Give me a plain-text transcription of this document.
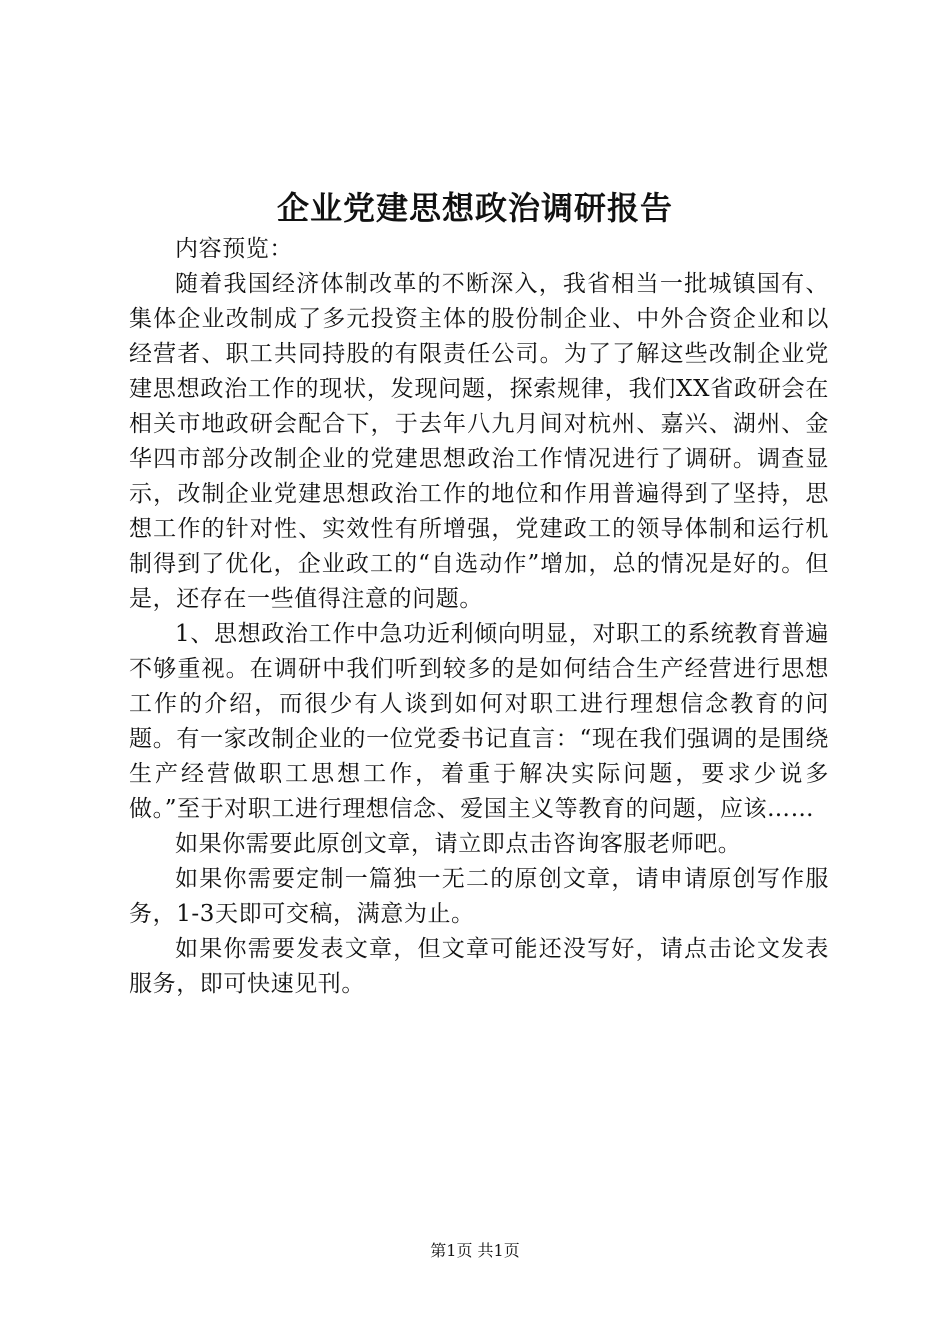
企业党建思想政治调研报告

内容预览：

随着我国经济体制改革的不断深入，我省相当一批城镇国有、集体企业改制成了多元投资主体的股份制企业、中外合资企业和以经营者、职工共同持股的有限责任公司。为了了解这些改制企业党建思想政治工作的现状，发现问题，探索规律，我们XX省政研会在相关市地政研会配合下，于去年八九月间对杭州、嘉兴、湖州、金华四市部分改制企业的党建思想政治工作情况进行了调研。调查显示，改制企业党建思想政治工作的地位和作用普遍得到了坚持，思想工作的针对性、实效性有所增强，党建政工的领导体制和运行机制得到了优化，企业政工的“自选动作”增加，总的情况是好的。但是，还存在一些值得注意的问题。

1、思想政治工作中急功近利倾向明显，对职工的系统教育普遍不够重视。在调研中我们听到较多的是如何结合生产经营进行思想工作的介绍，而很少有人谈到如何对职工进行理想信念教育的问题。有一家改制企业的一位党委书记直言：“现在我们强调的是围绕生产经营做职工思想工作，着重于解决实际问题，要求少说多做。”至于对职工进行理想信念、爱国主义等教育的问题，应该……

如果你需要此原创文章，请立即点击咨询客服老师吧。

如果你需要定制一篇独一无二的原创文章，请申请原创写作服务，1-3天即可交稿，满意为止。

如果你需要发表文章，但文章可能还没写好，请点击论文发表服务，即可快速见刊。

第1页 共1页
